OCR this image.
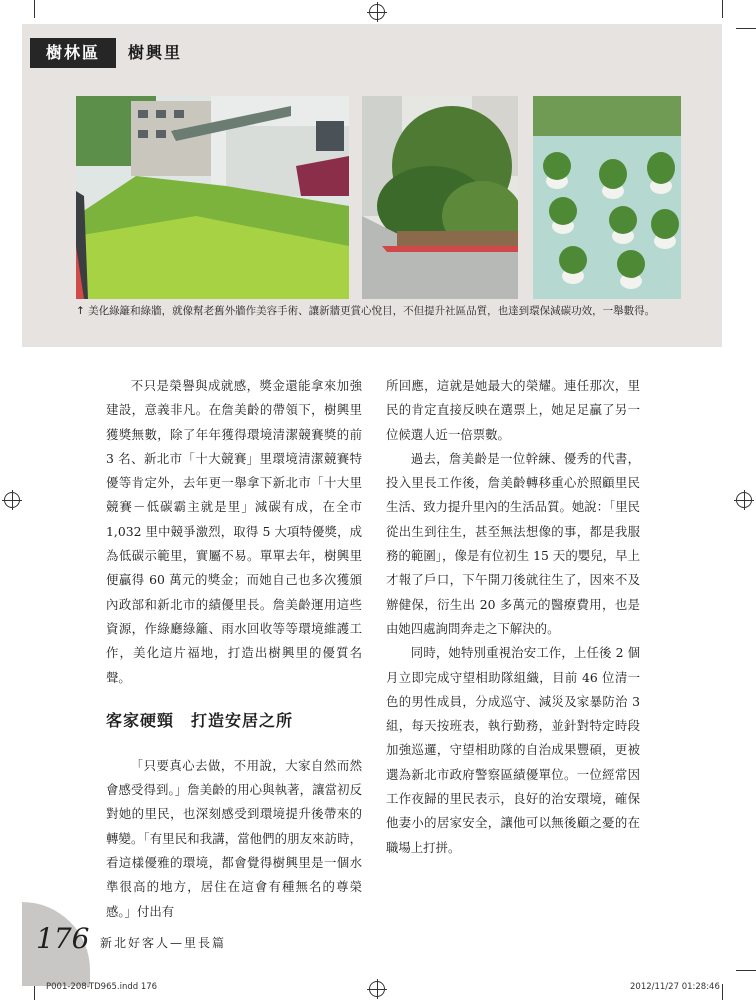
樹林區	樹興里
↑ 美化綠籬和綠牆，就像幫老舊外牆作美容手術、讓新牆更賞心悅目，不但提升社區品質，也達到環保減碳功效，一舉數得。

不只是榮譽與成就感，獎金還能拿來加強建設，意義非凡。在詹美齡的帶領下，樹興里獲獎無數，除了年年獲得環境清潔競賽獎的前 3 名、新北市「十大競賽」里環境清潔競賽特優等肯定外，去年更一舉拿下新北市「十大里競賽－低碳霸主就是里」減碳有成，在全市 1,032 里中競爭激烈，取得 5 大項特優獎，成為低碳示範里，實屬不易。單單去年，樹興里便贏得 60 萬元的獎金；而她自己也多次獲頒內政部和新北市的績優里長。詹美齡運用這些資源，作綠廳綠籬、雨水回收等等環境維護工作，美化這片福地，打造出樹興里的優質名聲。

客家硬頸　打造安居之所

「只要真心去做，不用說，大家自然而然會感受得到。」詹美齡的用心與執著，讓當初反對她的里民，也深刻感受到環境提升後帶來的轉變。「有里民和我講，當他們的朋友來訪時，看這樣優雅的環境，都會覺得樹興里是一個水準很高的地方，居住在這會有種無名的尊榮感。」付出有

所回應，這就是她最大的榮耀。連任那次，里民的肯定直接反映在選票上，她足足贏了另一位候選人近一倍票數。

過去，詹美齡是一位幹練、優秀的代書，投入里長工作後，詹美齡轉移重心於照顧里民生活、致力提升里內的生活品質。她說：「里民從出生到往生，甚至無法想像的事，都是我服務的範圍」，像是有位初生 15 天的嬰兒，早上才報了戶口，下午開刀後就往生了，因來不及辦健保，衍生出 20 多萬元的醫療費用，也是由她四處詢問奔走之下解決的。

同時，她特別重視治安工作，上任後 2 個月立即完成守望相助隊組織，目前 46 位清一色的男性成員，分成巡守、減災及家暴防治 3 組，每天按班表，執行勤務，並針對特定時段加強巡邏，守望相助隊的自治成果豐碩，更被選為新北市政府警察區績優單位。一位經常因工作夜歸的里民表示，良好的治安環境，確保他妻小的居家安全，讓他可以無後顧之憂的在職場上打拼。

176 新北好客人—里長篇
P001-208-TD965.indd 176	2012/11/27 01:28:46
